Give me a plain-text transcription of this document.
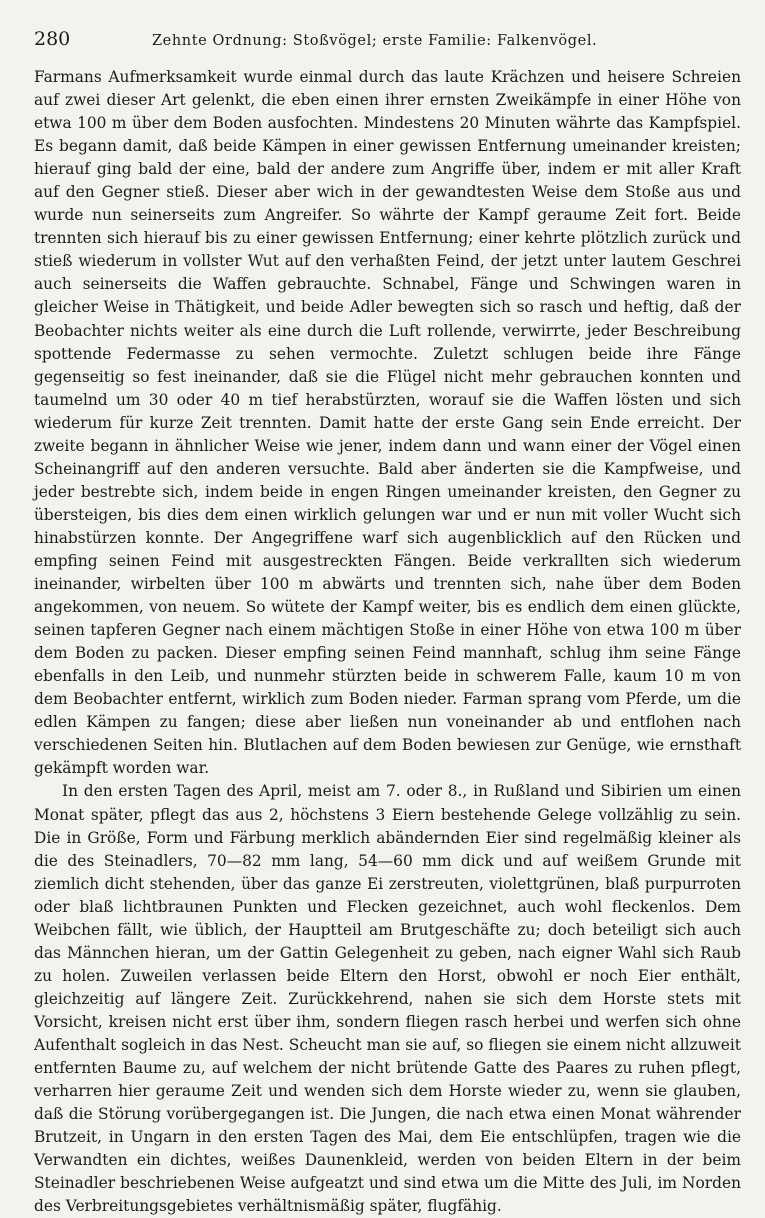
280	Zehnte Ordnung: Stoßvögel; erste Familie: Falkenvögel.

Farmans Aufmerksamkeit wurde einmal durch das laute Krächzen und heisere Schreien auf zwei dieser Art gelenkt, die eben einen ihrer ernsten Zweikämpfe in einer Höhe von etwa 100 m über dem Boden ausfochten. Mindestens 20 Minuten währte das Kampfspiel. Es begann damit, daß beide Kämpen in einer gewissen Entfernung umeinander kreisten; hierauf ging bald der eine, bald der andere zum Angriffe über, indem er mit aller Kraft auf den Gegner stieß. Dieser aber wich in der gewandtesten Weise dem Stoße aus und wurde nun seinerseits zum Angreifer. So währte der Kampf geraume Zeit fort. Beide trennten sich hierauf bis zu einer gewissen Entfernung; einer kehrte plötzlich zurück und stieß wiederum in vollster Wut auf den verhaßten Feind, der jetzt unter lautem Geschrei auch seinerseits die Waffen gebrauchte. Schnabel, Fänge und Schwingen waren in gleicher Weise in Thätigkeit, und beide Adler bewegten sich so rasch und heftig, daß der Beobachter nichts weiter als eine durch die Luft rollende, verwirrte, jeder Beschreibung spottende Federmasse zu sehen vermochte. Zuletzt schlugen beide ihre Fänge gegenseitig so fest ineinander, daß sie die Flügel nicht mehr gebrauchen konnten und taumelnd um 30 oder 40 m tief herabstürzten, worauf sie die Waffen lösten und sich wiederum für kurze Zeit trennten. Damit hatte der erste Gang sein Ende erreicht. Der zweite begann in ähnlicher Weise wie jener, indem dann und wann einer der Vögel einen Scheinangriff auf den anderen versuchte. Bald aber änderten sie die Kampfweise, und jeder bestrebte sich, indem beide in engen Ringen umeinander kreisten, den Gegner zu übersteigen, bis dies dem einen wirklich gelungen war und er nun mit voller Wucht sich hinabstürzen konnte. Der Angegriffene warf sich augenblicklich auf den Rücken und empfing seinen Feind mit ausgestreckten Fängen. Beide verkrallten sich wiederum ineinander, wirbelten über 100 m abwärts und trennten sich, nahe über dem Boden angekommen, von neuem. So wütete der Kampf weiter, bis es endlich dem einen glückte, seinen tapferen Gegner nach einem mächtigen Stoße in einer Höhe von etwa 100 m über dem Boden zu packen. Dieser empfing seinen Feind mannhaft, schlug ihm seine Fänge ebenfalls in den Leib, und nunmehr stürzten beide in schwerem Falle, kaum 10 m von dem Beobachter entfernt, wirklich zum Boden nieder. Farman sprang vom Pferde, um die edlen Kämpen zu fangen; diese aber ließen nun voneinander ab und entflohen nach verschiedenen Seiten hin. Blutlachen auf dem Boden bewiesen zur Genüge, wie ernsthaft gekämpft worden war.

In den ersten Tagen des April, meist am 7. oder 8., in Rußland und Sibirien um einen Monat später, pflegt das aus 2, höchstens 3 Eiern bestehende Gelege vollzählig zu sein. Die in Größe, Form und Färbung merklich abändernden Eier sind regelmäßig kleiner als die des Steinadlers, 70—82 mm lang, 54—60 mm dick und auf weißem Grunde mit ziemlich dicht stehenden, über das ganze Ei zerstreuten, violettgrünen, blaß purpurroten oder blaß lichtbraunen Punkten und Flecken gezeichnet, auch wohl fleckenlos. Dem Weibchen fällt, wie üblich, der Hauptteil am Brutgeschäfte zu; doch beteiligt sich auch das Männchen hieran, um der Gattin Gelegenheit zu geben, nach eigner Wahl sich Raub zu holen. Zuweilen verlassen beide Eltern den Horst, obwohl er noch Eier enthält, gleichzeitig auf längere Zeit. Zurückkehrend, nahen sie sich dem Horste stets mit Vorsicht, kreisen nicht erst über ihm, sondern fliegen rasch herbei und werfen sich ohne Aufenthalt sogleich in das Nest. Scheucht man sie auf, so fliegen sie einem nicht allzuweit entfernten Baume zu, auf welchem der nicht brütende Gatte des Paares zu ruhen pflegt, verharren hier geraume Zeit und wenden sich dem Horste wieder zu, wenn sie glauben, daß die Störung vorübergegangen ist. Die Jungen, die nach etwa einen Monat währender Brutzeit, in Ungarn in den ersten Tagen des Mai, dem Eie entschlüpfen, tragen wie die Verwandten ein dichtes, weißes Daunenkleid, werden von beiden Eltern in der beim Steinadler beschriebenen Weise aufgeatzt und sind etwa um die Mitte des Juli, im Norden des Verbreitungsgebietes verhältnismäßig später, flugfähig.
